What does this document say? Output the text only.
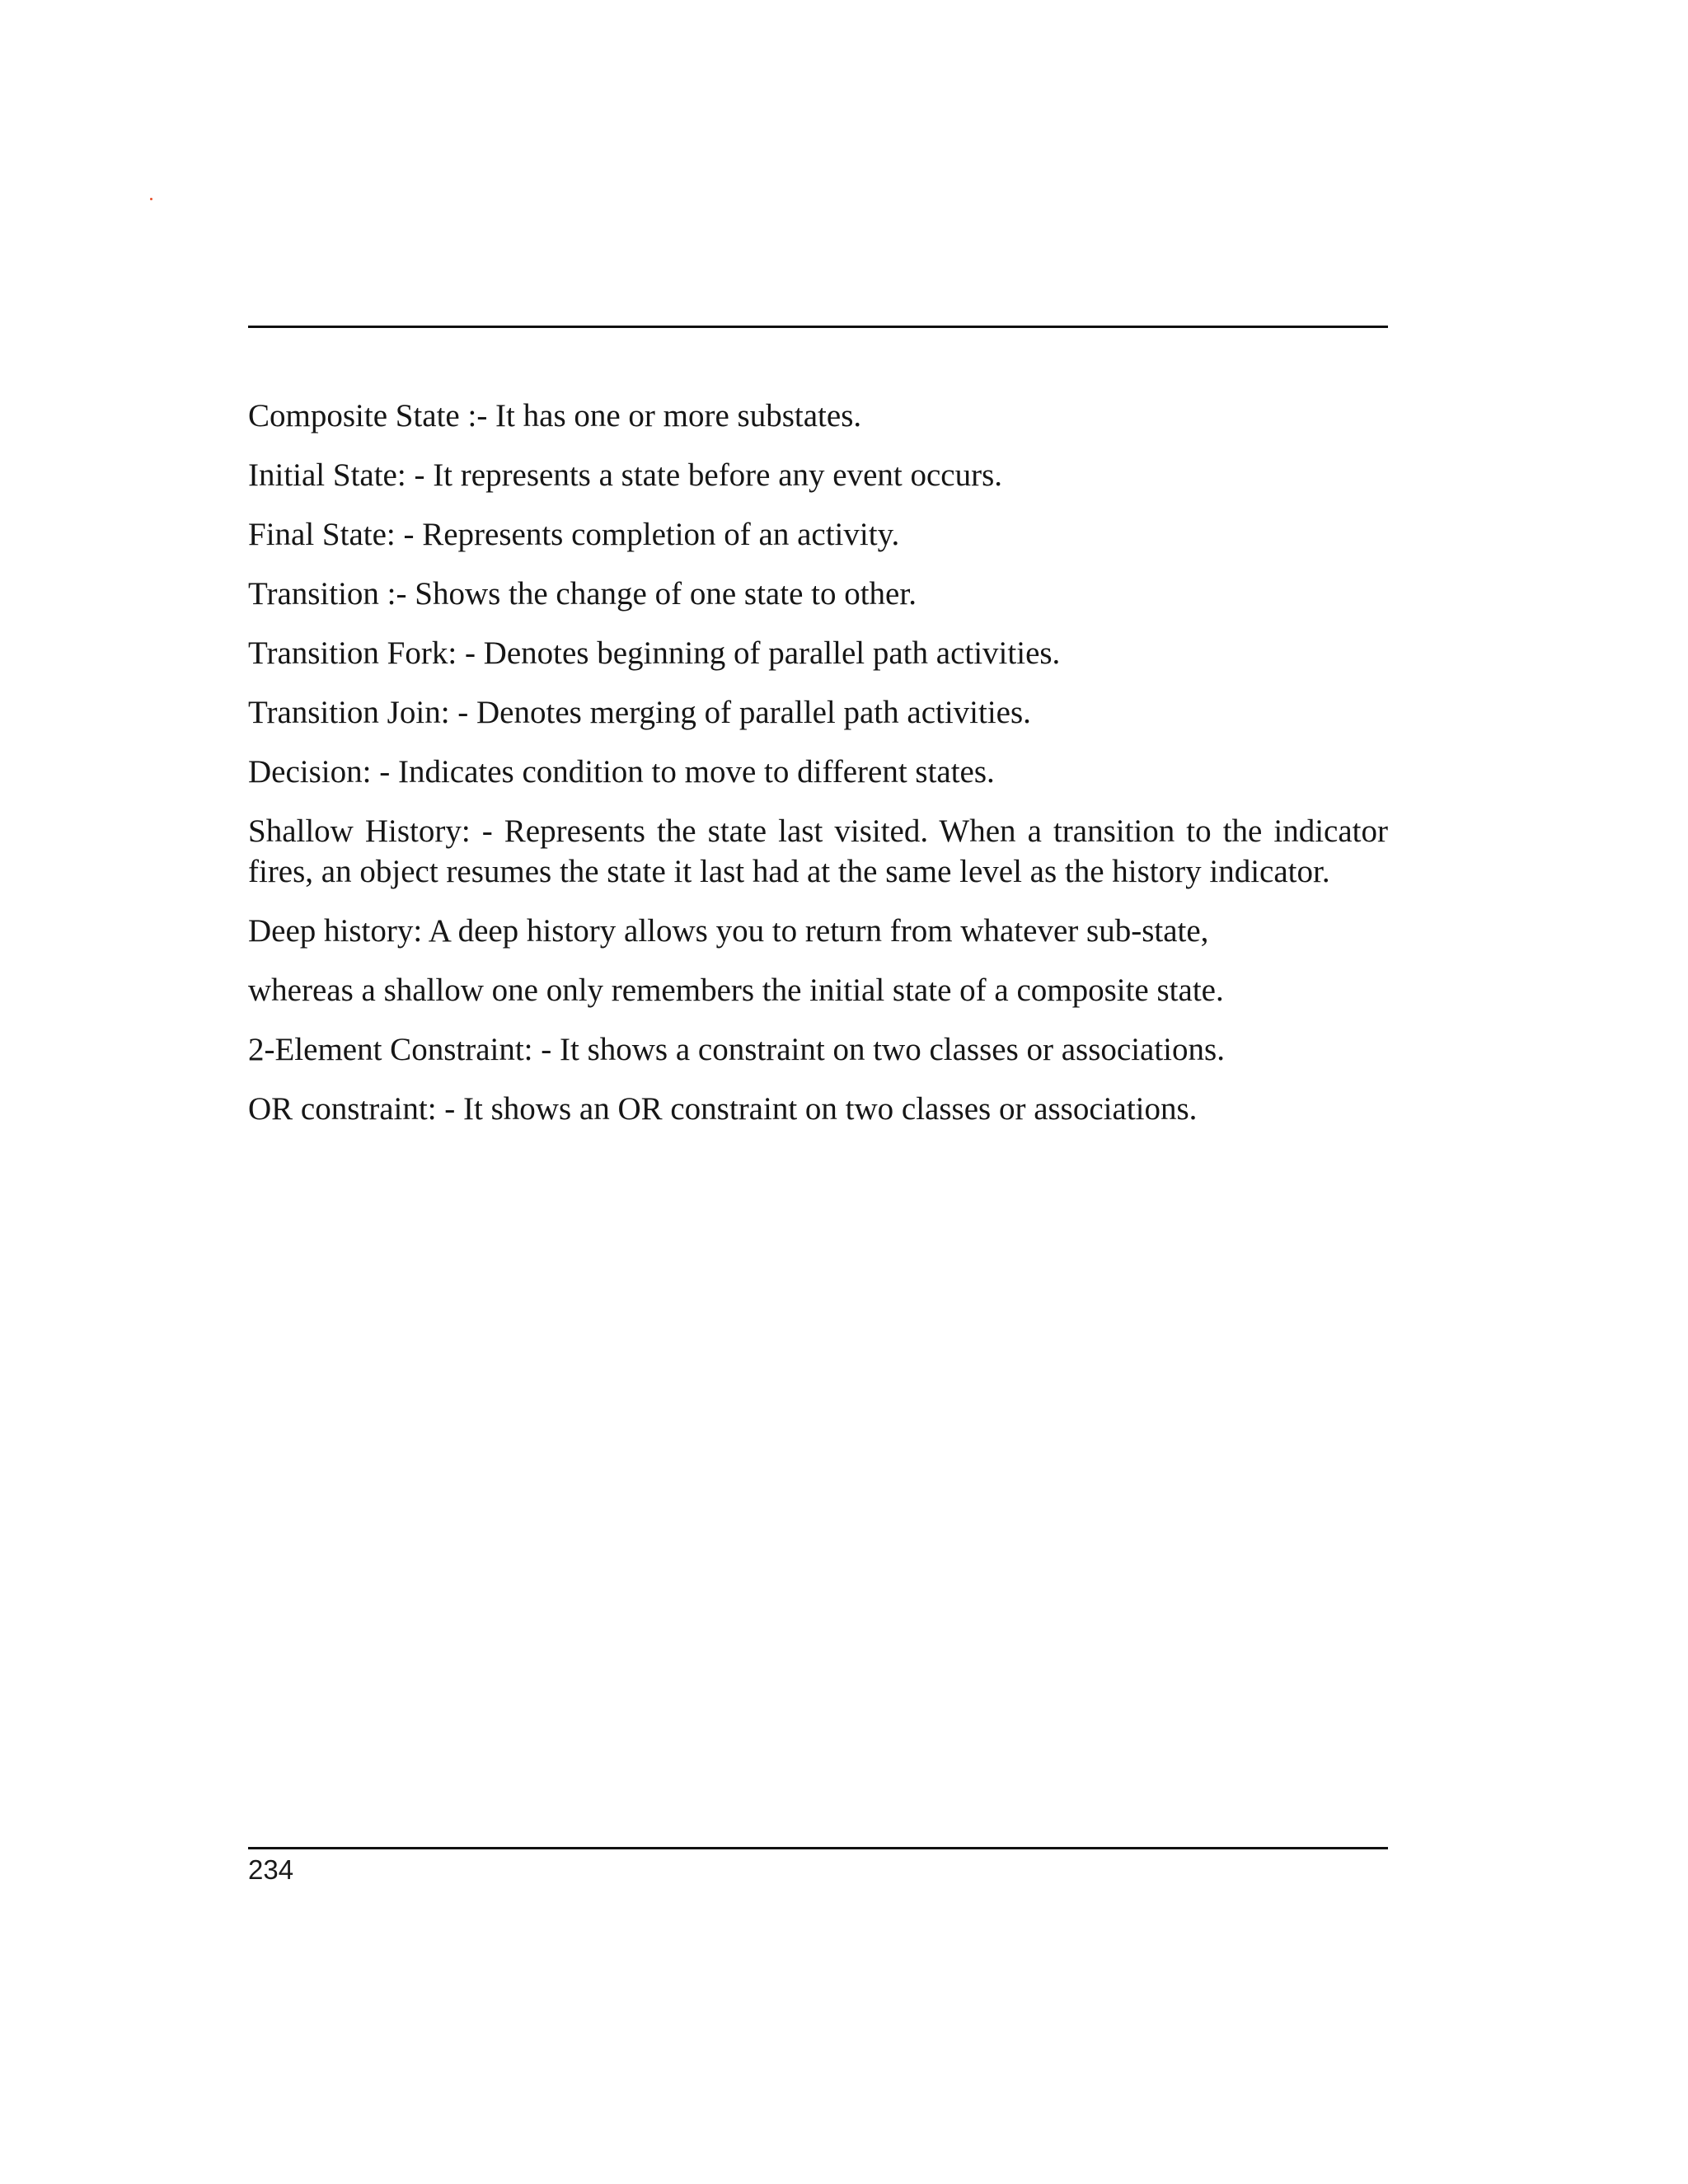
Composite State :- It has one or more substates.

Initial State: - It represents a state before any event occurs.

Final State: - Represents completion of an activity.

Transition :- Shows the change of one state to other.

Transition Fork: - Denotes beginning of parallel path activities.

Transition Join: - Denotes merging of parallel path activities.

Decision: - Indicates condition to move to different states.

Shallow History: - Represents the state last visited. When a transition to the indicator fires, an object resumes the state it last had at the same level as the history indicator.

Deep history: A deep history allows you to return from whatever sub-state,

whereas a shallow one only remembers the initial state of a composite state.

2-Element Constraint: - It shows a constraint on two classes or associations.

OR constraint: - It shows an OR constraint on two classes or associations.

234
